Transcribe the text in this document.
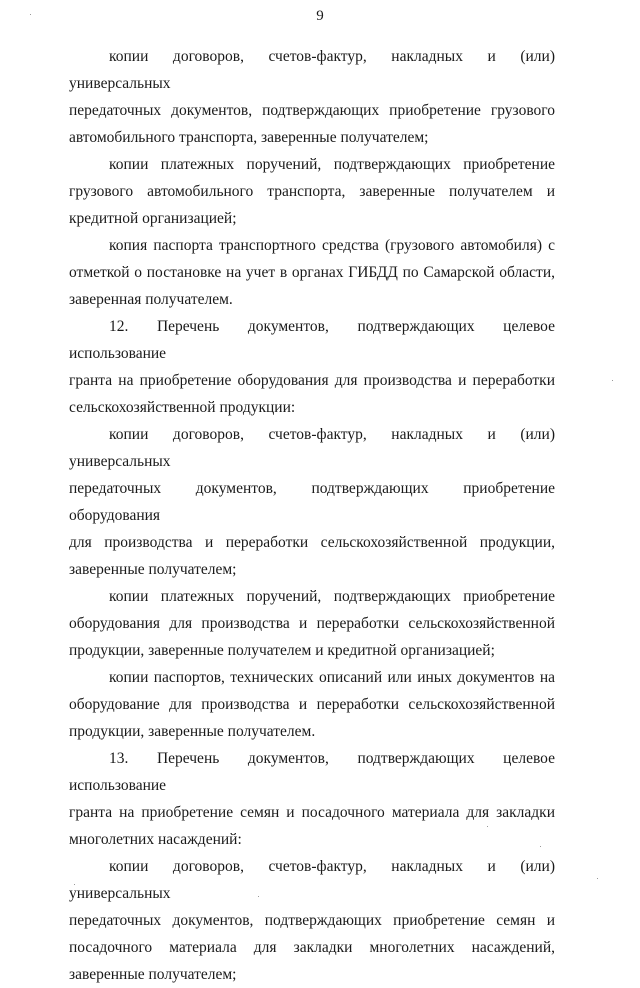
9
копии договоров, счетов-фактур, накладных и (или) универсальных
передаточных документов, подтверждающих приобретение грузового
автомобильного транспорта, заверенные получателем;
копии платежных поручений, подтверждающих приобретение
грузового автомобильного транспорта, заверенные получателем и
кредитной организацией;
копия паспорта транспортного средства (грузового автомобиля) с
отметкой о постановке на учет в органах ГИБДД по Самарской области,
заверенная получателем.
12. Перечень документов, подтверждающих целевое использование
гранта на приобретение оборудования для производства и переработки
сельскохозяйственной продукции:
копии договоров, счетов-фактур, накладных и (или) универсальных
передаточных документов, подтверждающих приобретение оборудования
для производства и переработки сельскохозяйственной продукции,
заверенные получателем;
копии платежных поручений, подтверждающих приобретение
оборудования для производства и переработки сельскохозяйственной
продукции, заверенные получателем и кредитной организацией;
копии паспортов, технических описаний или иных документов на
оборудование для производства и переработки сельскохозяйственной
продукции, заверенные получателем.
13. Перечень документов, подтверждающих целевое использование
гранта на приобретение семян и посадочного материала для закладки
многолетних насаждений:
копии договоров, счетов-фактур, накладных и (или) универсальных
передаточных документов, подтверждающих приобретение семян и
посадочного материала для закладки многолетних насаждений,
заверенные получателем;
